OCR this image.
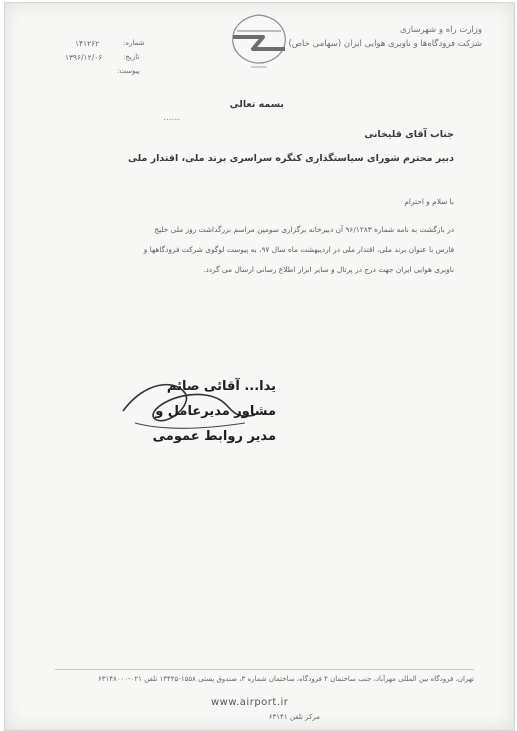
۱۴۱۲۶۲	شماره:
۱۳۹۶/۱۲/۰۶	تاریخ:
پیوست:
وزارت راه و شهرسازی
شرکت فرودگاه‌ها و ناوبری هوایی ایران (سهامی خاص)
بسمه تعالی
......
جناب آقای قلیخانی
دبیر محترم شورای سیاستگذاری کنگره سراسری برند ملی، اقتدار ملی
با سلام و احترام
در بازگشت به نامه شماره ۹۶/۱۲۸۳ آن دبیرخانه برگزاری سومین مراسم بزرگداشت روز ملی خلیج
فارس با عنوان برند ملی، اقتدار ملی در اردیبهشت ماه سال ۹۷، به پیوست لوگوی شرکت فرودگاهها و
ناوبری هوایی ایران جهت درج در پرتال و سایر ابزار اطلاع رسانی ارسال می گردد.
یدا... آقائی صائم
مشاور مدیرعامل و
مدیر روابط عمومی
تهران، فرودگاه بین المللی مهرآباد، جنب ساختمان ۴ فرودگاه، ساختمان شماره ۳، صندوق پستی ۱۵۵۸-۱۳۴۴۵ تلفن ۰۲۱-۶۳۱۴۸۰۰۰
www.airport.ir
مرکز تلفن ۶۳۱۴۱
